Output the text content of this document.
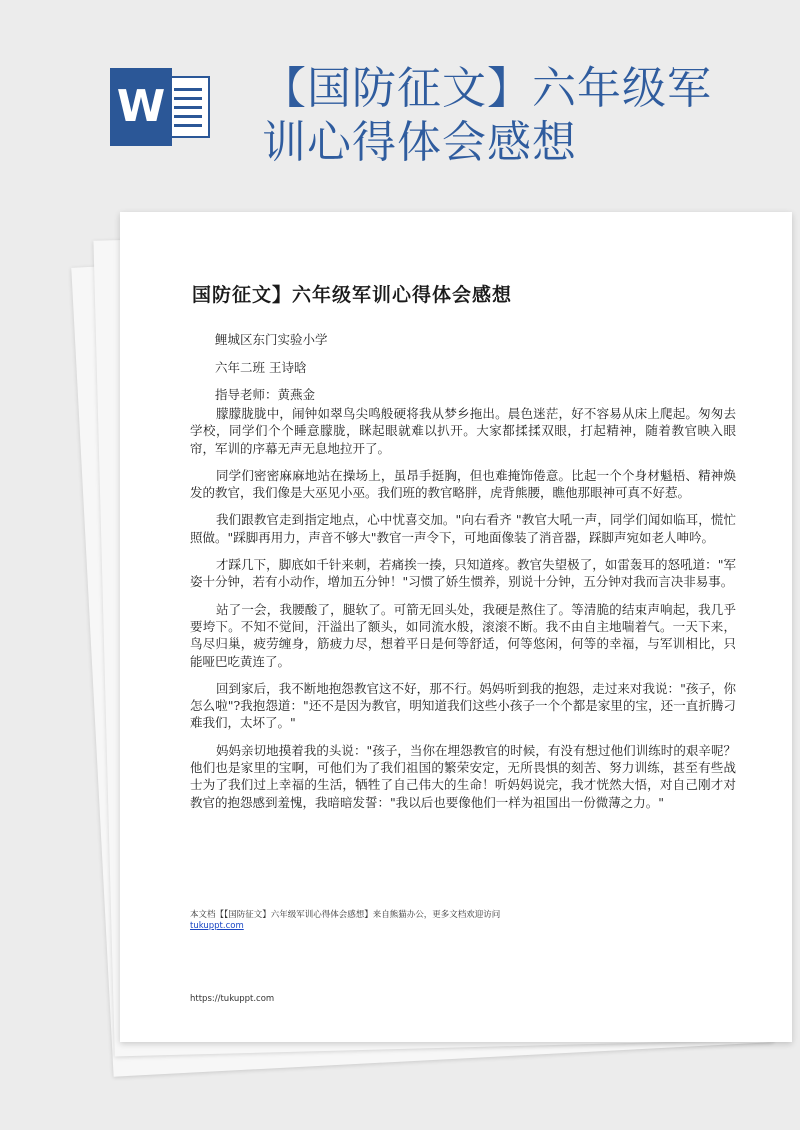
W 【国防征文】六年级军
训心得体会感想
国防征文】六年级军训心得体会感想
鲤城区东门实验小学
六年二班 王诗晗
指导老师：黄燕金

朦朦胧胧中，闹钟如翠鸟尖鸣般硬将我从梦乡拖出。晨色迷茫，好不容易从床上爬起。匆匆去学校，同学们个个睡意朦胧，眯起眼就难以扒开。大家都揉揉双眼，打起精神，随着教官映入眼帘，军训的序幕无声无息地拉开了。

同学们密密麻麻地站在操场上，虽昂手挺胸，但也难掩饰倦意。比起一个个身材魁梧、精神焕发的教官，我们像是大巫见小巫。我们班的教官略胖，虎背熊腰，瞧他那眼神可真不好惹。

我们跟教官走到指定地点，心中忧喜交加。"向右看齐 "教官大吼一声，同学们闻如临耳，慌忙照做。"踩脚再用力，声音不够大"教官一声令下，可地面像装了消音器，踩脚声宛如老人呻吟。

才踩几下，脚底如千针来刺，若痛挨一揍，只知道疼。教官失望极了，如雷轰耳的怒吼道："军姿十分钟，若有小动作，增加五分钟！"习惯了娇生惯养，别说十分钟，五分钟对我而言决非易事。

站了一会，我腰酸了，腿软了。可箭无回头处，我硬是熬住了。等清脆的结束声响起，我几乎要垮下。不知不觉间，汗溢出了额头，如同流水般，滚滚不断。我不由自主地喘着气。一天下来，鸟尽归巢，疲劳缠身，筋疲力尽，想着平日是何等舒适，何等悠闲，何等的幸福，与军训相比，只能哑巴吃黄连了。

回到家后，我不断地抱怨教官这不好，那不行。妈妈听到我的抱怨，走过来对我说："孩子，你怎么啦"?我抱怨道："还不是因为教官，明知道我们这些小孩子一个个都是家里的宝，还一直折腾刁难我们，太坏了。"

妈妈亲切地摸着我的头说："孩子，当你在埋怨教官的时候，有没有想过他们训练时的艰辛呢？他们也是家里的宝啊，可他们为了我们祖国的繁荣安定，无所畏惧的刻苦、努力训练，甚至有些战士为了我们过上幸福的生活，牺牲了自己伟大的生命！听妈妈说完，我才恍然大悟，对自己刚才对教官的抱怨感到羞愧，我暗暗发誓："我以后也要像他们一样为祖国出一份微薄之力。"

本文档【【国防征文】六年级军训心得体会感想】来自熊猫办公，更多文档欢迎访问
tukuppt.com
https://tukuppt.com
